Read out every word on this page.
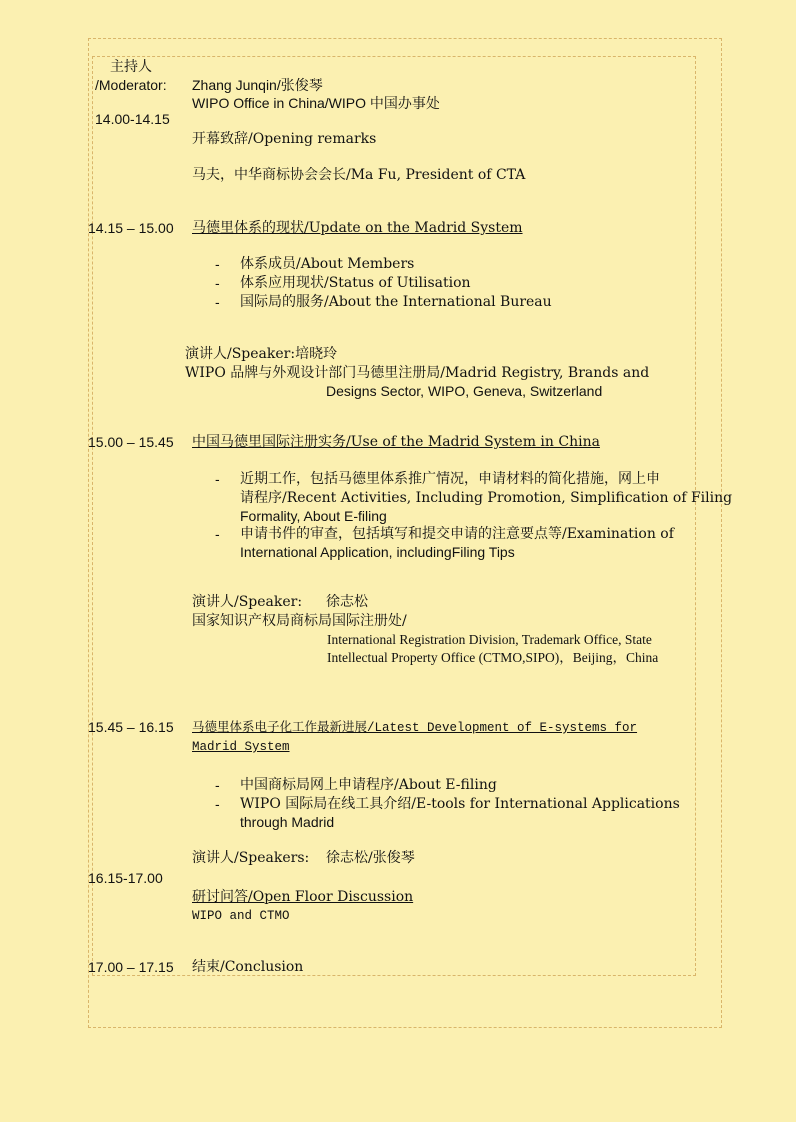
主持人
/Moderator: Zhang Junqin/张俊琴
WIPO Office in China/WIPO 中国办事处
14.00-14.15
开幕致辞/Opening remarks
马夫，中华商标协会会长/Ma Fu, President of CTA
14.15 – 15.00 马德里体系的现状/Update on the Madrid System
- 体系成员/About Members
- 体系应用现状/Status of Utilisation
- 国际局的服务/About the International Bureau
演讲人/Speaker:培晓玲
WIPO 品牌与外观设计部门马德里注册局/Madrid Registry, Brands and
Designs Sector, WIPO, Geneva, Switzerland
15.00 – 15.45 中国马德里国际注册实务/Use of the Madrid System in China
- 近期工作，包括马德里体系推广情况，申请材料的简化措施，网上申
请程序/Recent Activities, Including Promotion, Simplification of Filing
Formality, About E-filing
- 申请书件的审查，包括填写和提交申请的注意要点等/Examination of
International Application, includingFiling Tips
演讲人/Speaker: 徐志松
国家知识产权局商标局国际注册处/
International Registration Division, Trademark Office, State
Intellectual Property Office (CTMO,SIPO)，Beijing，China
15.45 – 16.15 马德里体系电子化工作最新进展/Latest Development of E-systems for
Madrid System
- 中国商标局网上申请程序/About E-filing
- WIPO 国际局在线工具介绍/E-tools for International Applications
through Madrid
演讲人/Speakers: 徐志松/张俊琴
16.15-17.00
研讨问答/Open Floor Discussion
WIPO and CTMO
17.00 – 17.15 结束/Conclusion
